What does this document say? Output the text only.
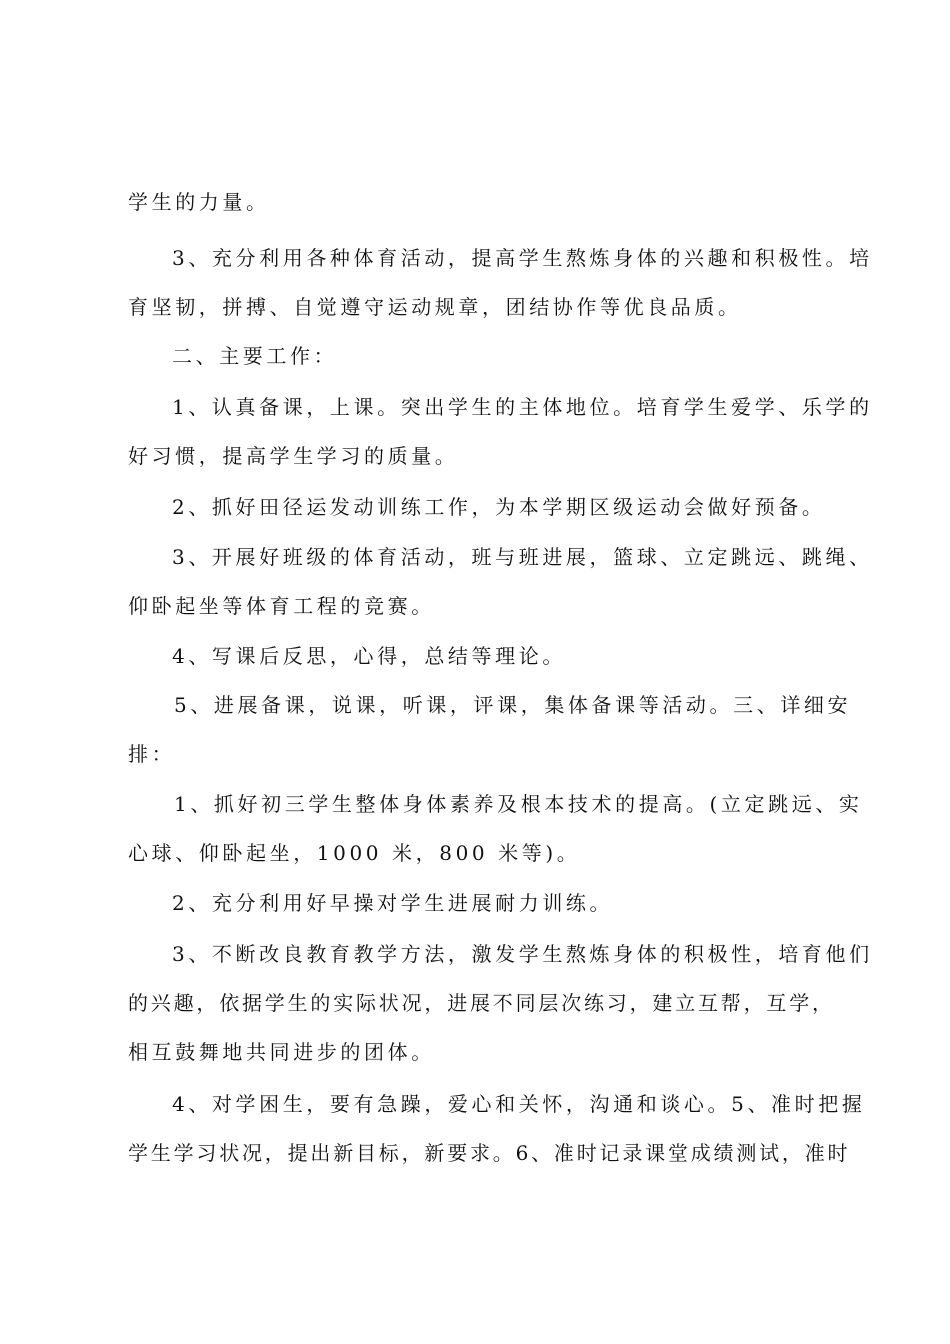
学生的力量。
3、充分利用各种体育活动，提高学生熬炼身体的兴趣和积极性。培
育坚韧，拼搏、自觉遵守运动规章，团结协作等优良品质。
二、主要工作：
1、认真备课，上课。突出学生的主体地位。培育学生爱学、乐学的
好习惯，提高学生学习的质量。
2、抓好田径运发动训练工作，为本学期区级运动会做好预备。
3、开展好班级的体育活动，班与班进展，篮球、立定跳远、跳绳、
仰卧起坐等体育工程的竞赛。
4、写课后反思，心得，总结等理论。
5、进展备课，说课，听课，评课，集体备课等活动。三、详细安
排：
1、抓好初三学生整体身体素养及根本技术的提高。(立定跳远、实
心球、仰卧起坐，1000 米，800 米等)。
2、充分利用好早操对学生进展耐力训练。
3、不断改良教育教学方法，激发学生熬炼身体的积极性，培育他们
的兴趣，依据学生的实际状况，进展不同层次练习，建立互帮，互学，
相互鼓舞地共同进步的团体。
4、对学困生，要有急躁，爱心和关怀，沟通和谈心。5、准时把握
学生学习状况，提出新目标，新要求。6、准时记录课堂成绩测试，准时
